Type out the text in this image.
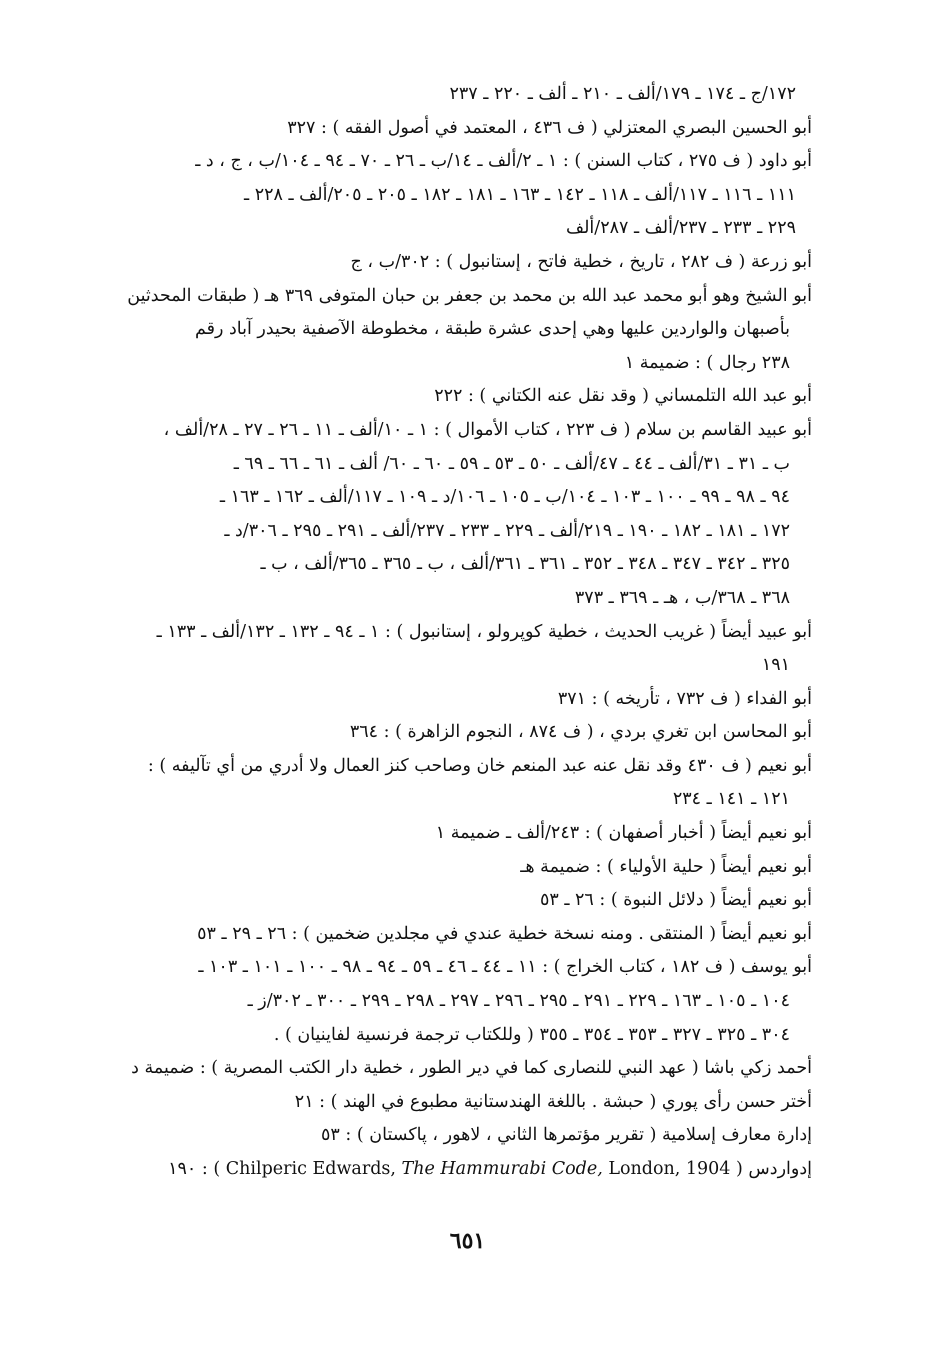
١٧٢/ج ـ ١٧٤ ـ ١٧٩/ألف ـ ٢١٠ ـ ألف ـ ٢٢٠ ـ ٢٣٧

أبو الحسين البصري المعتزلي ( ف ٤٣٦ ، المعتمد في أصول الفقه ) : ٣٢٧

أبو داود ( ف ٢٧٥ ، كتاب السنن ) : ١ ـ ٢/ألف ـ ١٤/ب ـ ٢٦ ـ ٧٠ ـ ٩٤ ـ ١٠٤/ب ، ج ، د ـ

١١١ ـ ١١٦ ـ ١١٧/ألف ـ ١١٨ ـ ١٤٢ ـ ١٦٣ ـ ١٨١ ـ ١٨٢ ـ ٢٠٥ ـ ٢٠٥/ألف ـ ٢٢٨ ـ

٢٢٩ ـ ٢٣٣ ـ ٢٣٧/ألف ـ ٢٨٧/ألف

أبو زرعة ( ف ٢٨٢ ، تاريخ ، خطية فاتح ، إستانبول ) : ٣٠٢/ب ، ج

أبو الشيخ وهو أبو محمد عبد الله بن محمد بن جعفر بن حبان المتوفى ٣٦٩ هـ ( طبقات المحدثين

بأصبهان والواردين عليها وهي إحدى عشرة طبقة ، مخطوطة الآصفية بحيدر آباد رقم

٢٣٨ رجال ) : ضميمة ١

أبو عبد الله التلمساني ( وقد نقل عنه الكتاني ) : ٢٢٢

أبو عبيد القاسم بن سلام ( ف ٢٢٣ ، كتاب الأموال ) : ١ ـ ١٠/ألف ـ ١١ ـ ٢٦ ـ ٢٧ ـ ٢٨/ألف ،

ب ـ ٣١ ـ ٣١/ألف ـ ٤٤ ـ ٤٧/ألف ـ ٥٠ ـ ٥٣ ـ ٥٩ ـ ٦٠ ـ ٦٠/ ألف ـ ٦١ ـ ٦٦ ـ ٦٩ ـ

٩٤ ـ ٩٨ ـ ٩٩ ـ ١٠٠ ـ ١٠٣ ـ ١٠٤/ب ـ ١٠٥ ـ ١٠٦/د ـ ١٠٩ ـ ١١٧/ألف ـ ١٦٢ ـ ١٦٣ ـ

١٧٢ ـ ١٨١ ـ ١٨٢ ـ ١٩٠ ـ ٢١٩/ألف ـ ٢٢٩ ـ ٢٣٣ ـ ٢٣٧/ألف ـ ٢٩١ ـ ٢٩٥ ـ ٣٠٦/د ـ

٣٢٥ ـ ٣٤٢ ـ ٣٤٧ ـ ٣٤٨ ـ ٣٥٢ ـ ٣٦١ ـ ٣٦١/ألف ، ب ـ ٣٦٥ ـ ٣٦٥/ألف ، ب ـ

٣٦٨ ـ ٣٦٨/ب ، هـ ـ ٣٦٩ ـ ٣٧٣

أبو عبيد أيضاً ( غريب الحديث ، خطية كوپرولو ، إستانبول ) : ١ ـ ٩٤ ـ ١٣٢ ـ ١٣٢/ألف ـ ١٣٣ ـ

١٩١

أبو الفداء ( ف ٧٣٢ ، تأريخه ) : ٣٧١

أبو المحاسن ابن تغري بردي ، ( ف ٨٧٤ ، النجوم الزاهرة ) : ٣٦٤

أبو نعيم ( ف ٤٣٠ وقد نقل عنه عبد المنعم خان وصاحب كنز العمال ولا أدري من أي تآليفه ) :

١٢١ ـ ١٤١ ـ ٢٣٤

أبو نعيم أيضاً ( أخبار أصفهان ) : ٢٤٣/ألف ـ ضميمة ١

أبو نعيم أيضاً ( حلية الأولياء ) : ضميمة هـ

أبو نعيم أيضاً ( دلائل النبوة ) : ٢٦ ـ ٥٣

أبو نعيم أيضاً ( المنتقى . ومنه نسخة خطية عندي في مجلدين ضخمين ) : ٢٦ ـ ٢٩ ـ ٥٣

أبو يوسف ( ف ١٨٢ ، كتاب الخراج ) : ١١ ـ ٤٤ ـ ٤٦ ـ ٥٩ ـ ٩٤ ـ ٩٨ ـ ١٠٠ ـ ١٠١ ـ ١٠٣ ـ

١٠٤ ـ ١٠٥ ـ ١٦٣ ـ ٢٢٩ ـ ٢٩١ ـ ٢٩٥ ـ ٢٩٦ ـ ٢٩٧ ـ ٢٩٨ ـ ٢٩٩ ـ ٣٠٠ ـ ٣٠٢/ز ـ

٣٠٤ ـ ٣٢٥ ـ ٣٢٧ ـ ٣٥٣ ـ ٣٥٤ ـ ٣٥٥ ( وللكتاب ترجمة فرنسية لفاينيان ) .

أحمد زكي باشا ( عهد النبي للنصارى كما في دير الطور ، خطية دار الكتب المصرية ) : ضميمة د

أختر حسن رأى پوري ( حبشة . باللغة الهندستانية مطبوع في الهند ) : ٢١

إدارة معارف إسلامية ( تقرير مؤتمرها الثاني ، لاهور ، پاكستان ) : ٥٣

إدواردس ( Chilperic Edwards, The Hammurabi Code, London, 1904 ) : ١٩٠

٦٥١
